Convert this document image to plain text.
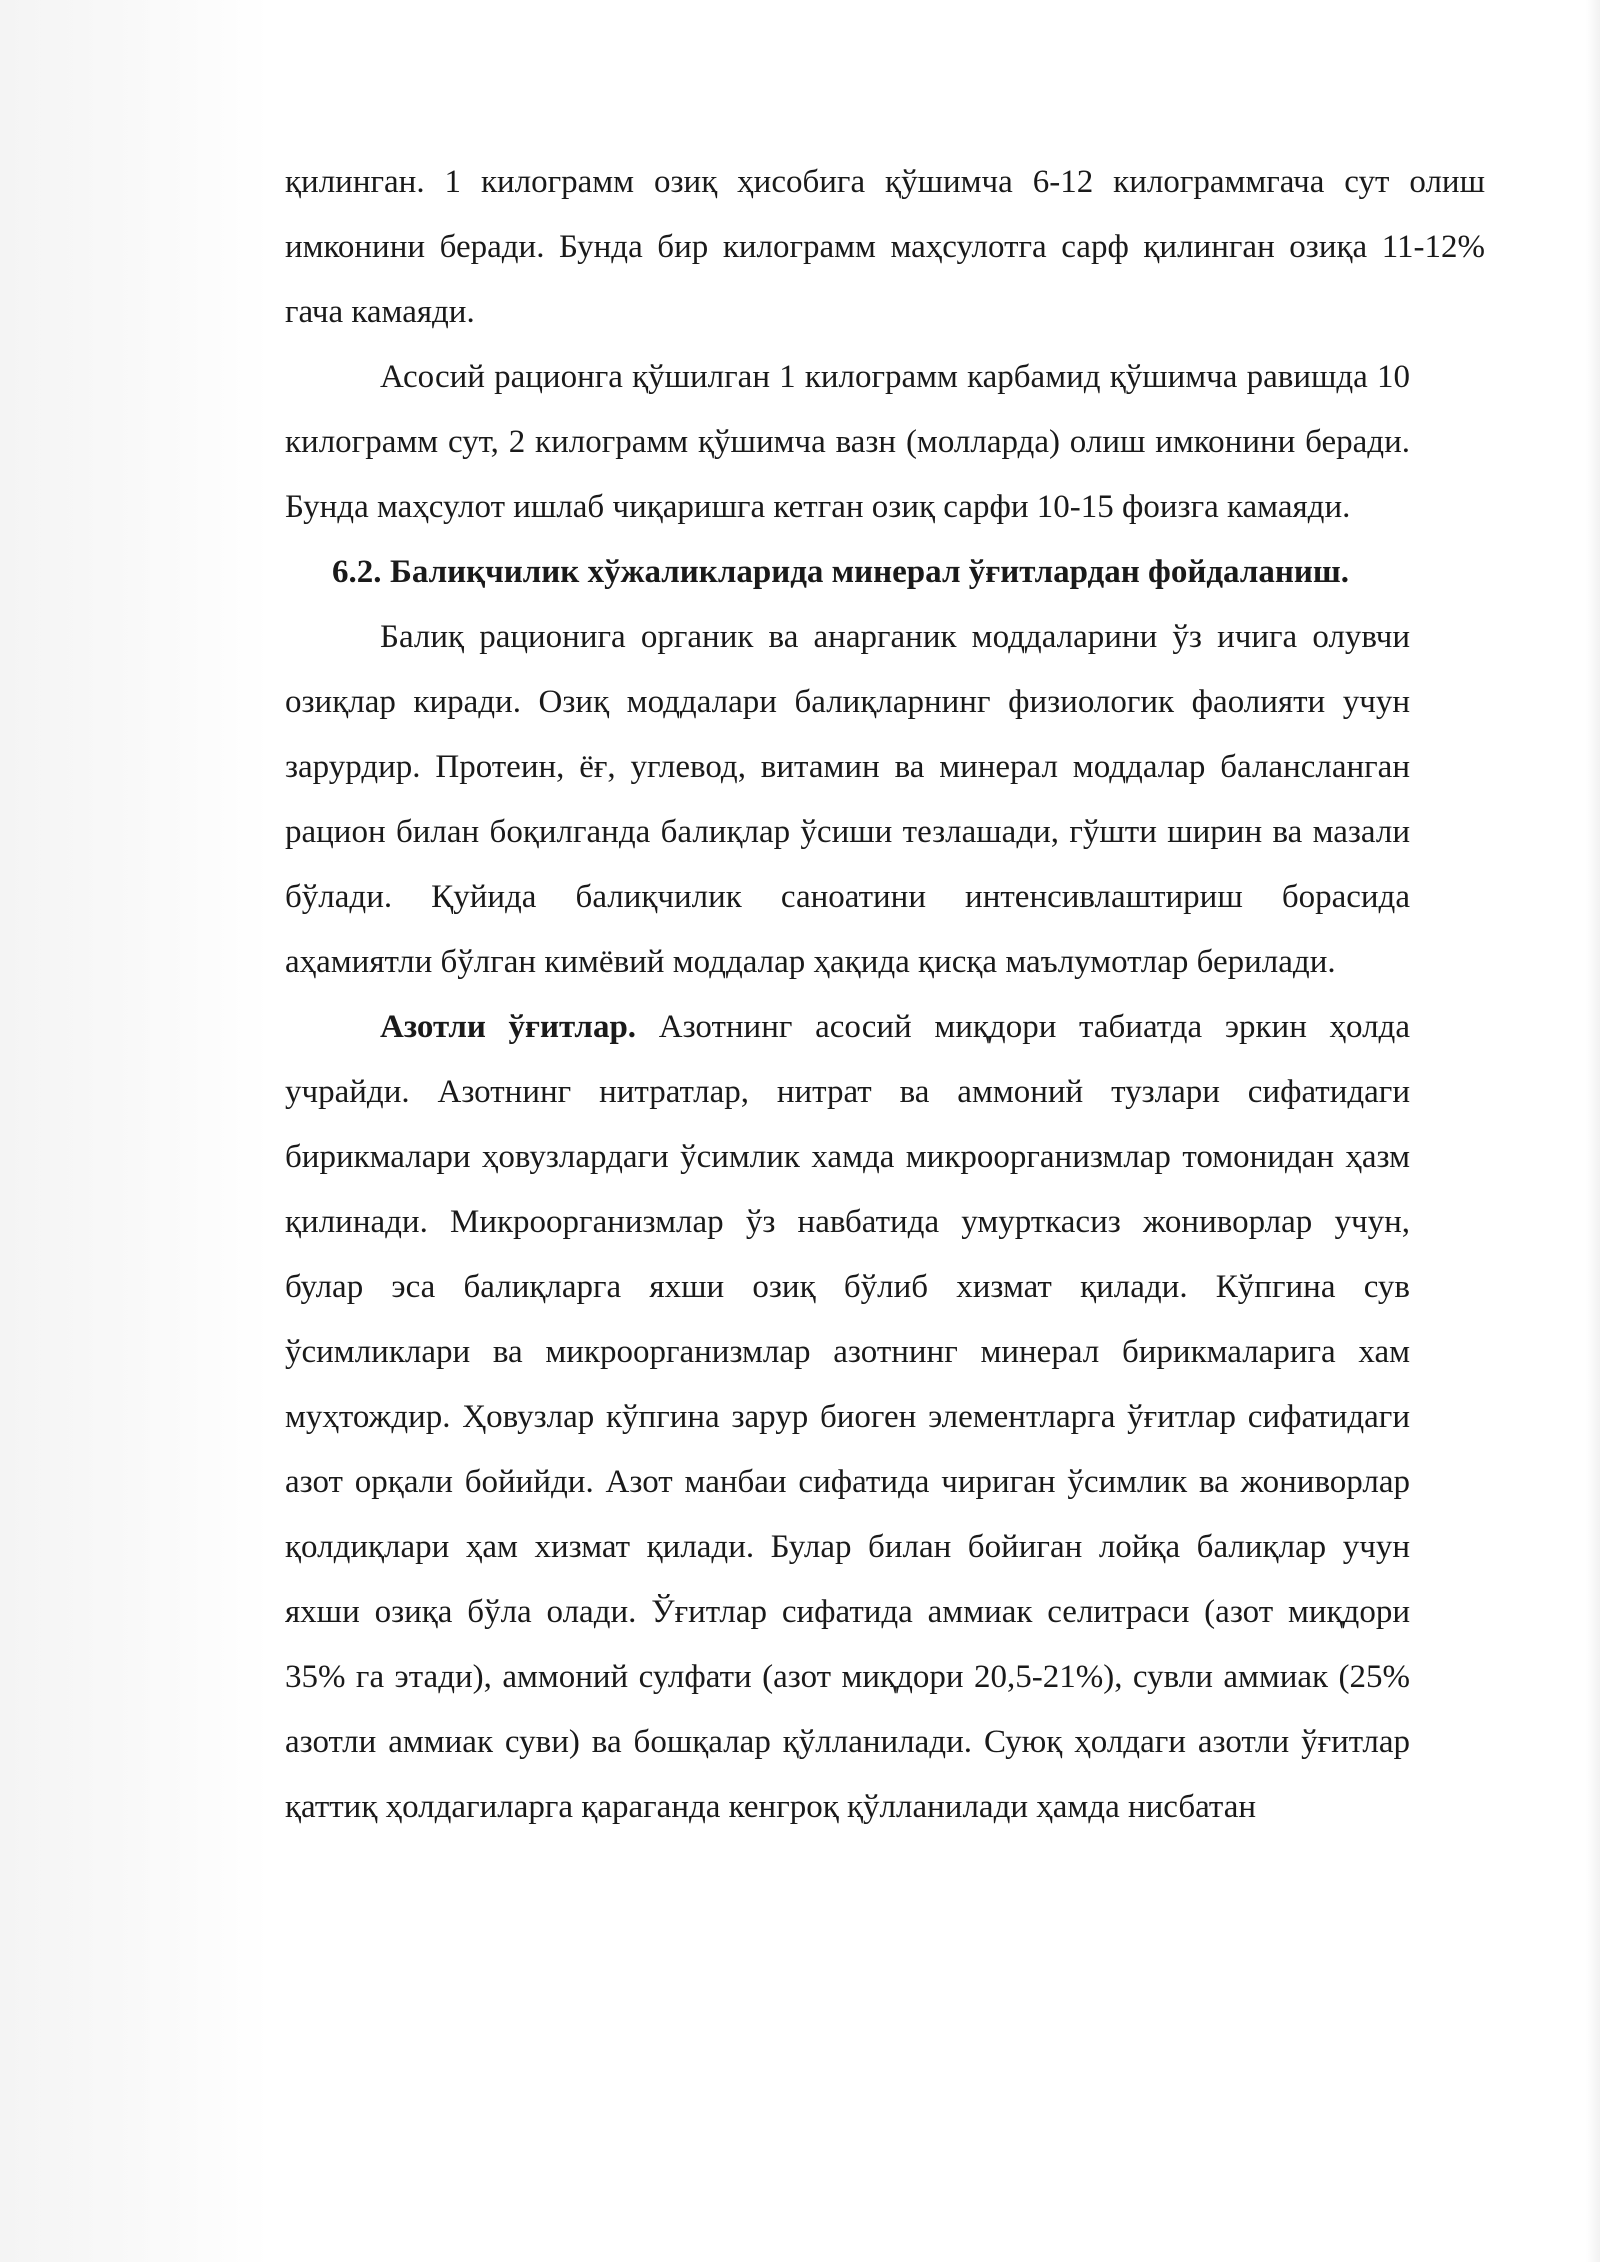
қилинган. 1 килограмм озиқ ҳисобига қўшимча 6-12 килограммгача сут олиш имконини беради. Бунда бир килограмм маҳсулотга сарф қилинган озиқа 11-12% гача камаяди.

Асосий рационга қўшилган 1 килограмм карбамид қўшимча равишда 10 килограмм сут, 2 килограмм қўшимча вазн (молларда) олиш имконини беради. Бунда маҳсулот ишлаб чиқаришга кетган озиқ сарфи 10-15 фоизга камаяди.

6.2. Балиқчилик хўжаликларида минерал ўғитлардан фойдаланиш.

Балиқ рационига органик ва анарганик моддаларини ўз ичига олувчи озиқлар киради. Озиқ моддалари балиқларнинг физиологик фаолияти учун зарурдир. Протеин, ёғ, углевод, витамин ва минерал моддалар балансланган рацион билан боқилганда балиқлар ўсиши тезлашади, гўшти ширин ва мазали бўлади. Қуйида балиқчилик саноатини интенсивлаштириш борасида аҳамиятли бўлган кимёвий моддалар ҳақида қисқа маълумотлар берилади.

Азотли ўғитлар. Азотнинг асосий миқдори табиатда эркин ҳолда учрайди. Азотнинг нитратлар, нитрат ва аммоний тузлари сифатидаги бирикмалари ҳовузлардаги ўсимлик хамда микроорганизмлар томонидан ҳазм қилинади. Микроорганизмлар ўз навбатида умурткасиз жониворлар учун, булар эса балиқларга яхши озиқ бўлиб хизмат қилади. Кўпгина сув ўсимликлари ва микроорганизмлар азотнинг минерал бирикмаларига хам муҳтождир. Ҳовузлар кўпгина зарур биоген элементларга ўғитлар сифатидаги азот орқали бойийди. Азот манбаи сифатида чириган ўсимлик ва жониворлар қолдиқлари ҳам хизмат қилади. Булар билан бойиган лойқа балиқлар учун яхши озиқа бўла олади. Ўғитлар сифатида аммиак селитраси (азот миқдори 35% га этади), аммоний сулфати (азот миқдори 20,5-21%), сувли аммиак (25% азотли аммиак суви) ва бошқалар қўлланилади. Суюқ ҳолдаги азотли ўғитлар қаттиқ ҳолдагиларга қараганда кенгроқ қўлланилади ҳамда нисбатан
